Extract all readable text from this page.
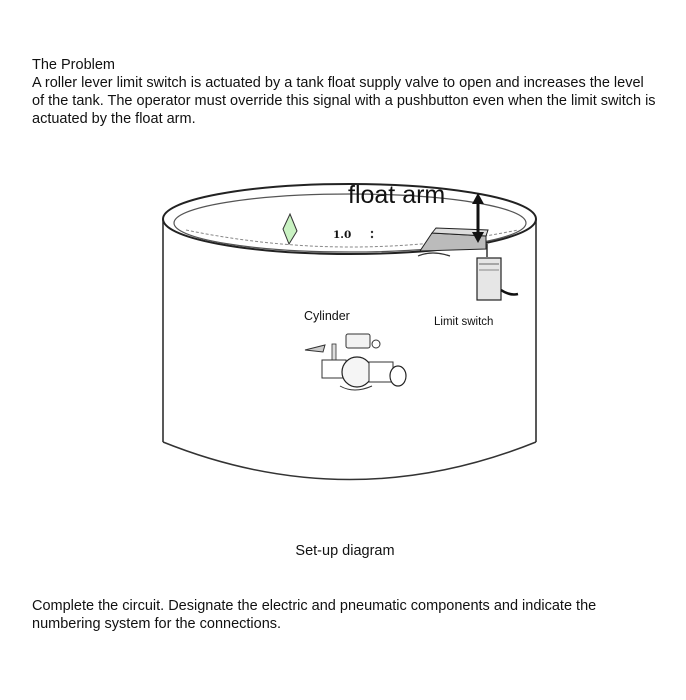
The Problem
A roller lever limit switch is actuated by a tank float supply valve to open and increases the level of the tank. The operator must override this signal with a pushbutton even when the limit switch is actuated by the float arm.
float arm
1.0
Cylinder	Limit switch
Set-up diagram
Complete the circuit. Designate the electric and pneumatic components and indicate the numbering system for the connections.
